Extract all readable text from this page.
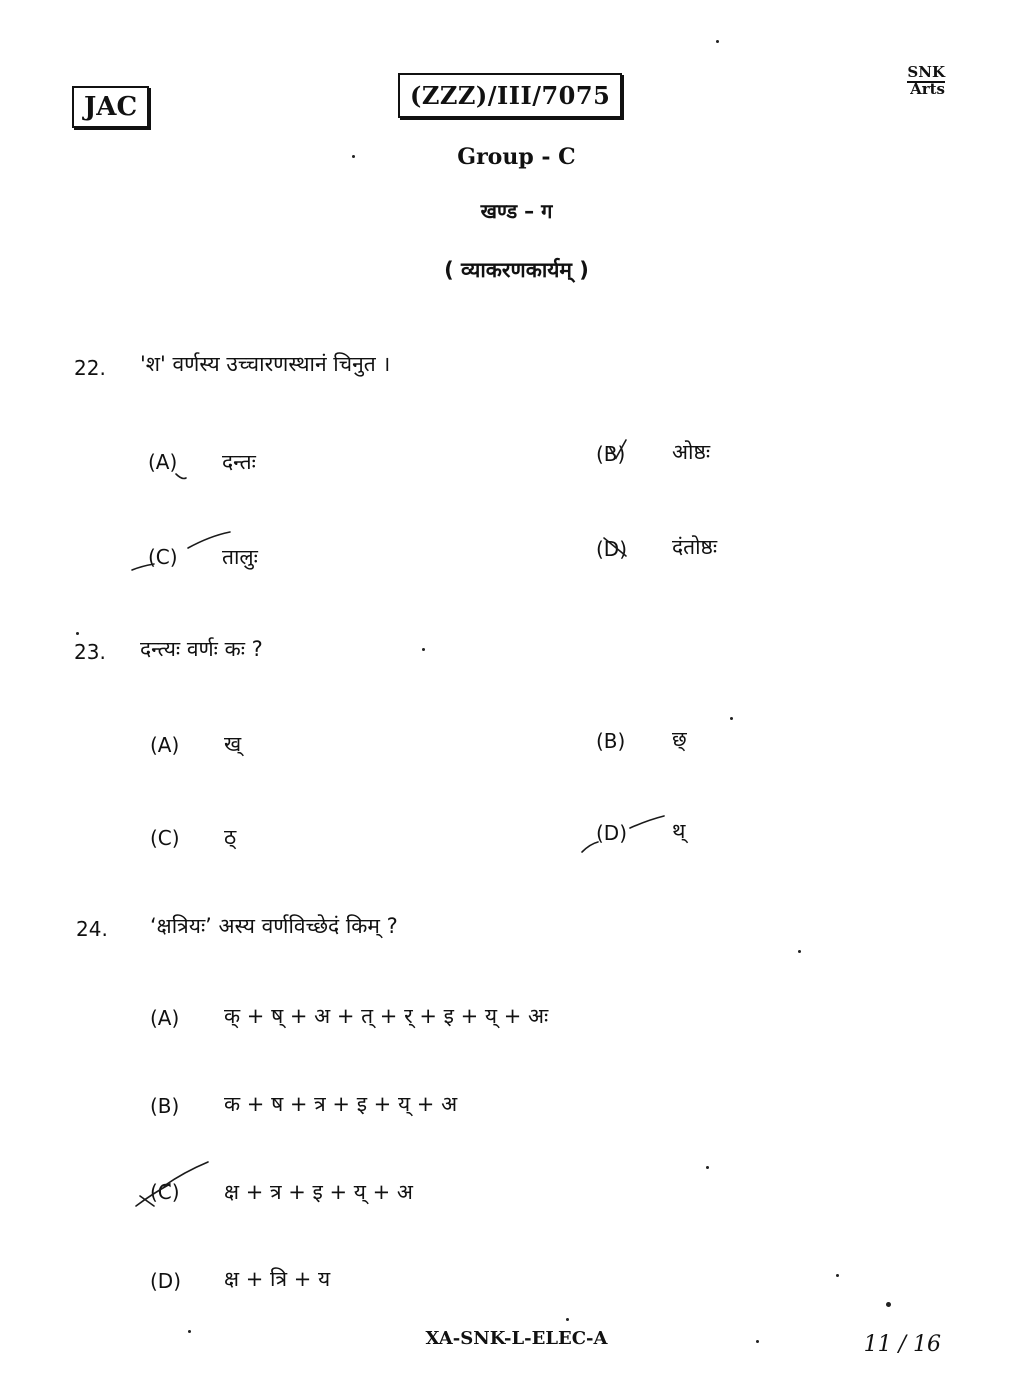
JAC	(ZZZ)/III/7075
SNK
Arts
Group - C
खण्ड – ग
( व्याकरणकार्यम् )
22. 'श' वर्णस्य उच्चारणस्थानं चिनुत ।
(A) दन्तः	(B) ओष्ठः
(C) तालुः	(D) दंतोष्ठः
23. दन्त्यः वर्णः कः ?
(A) ख्	(B) छ्
(C) ठ्	(D) थ्
24. ‘क्षत्रियः’ अस्य वर्णविच्छेदं किम् ?
(A) क् + ष् + अ + त् + र् + इ + य् + अः
(B) क + ष + त्र + इ + य् + अ
(C) क्ष + त्र + इ + य् + अ
(D) क्ष + त्रि + य
XA-SNK-L-ELEC-A	11 / 16
